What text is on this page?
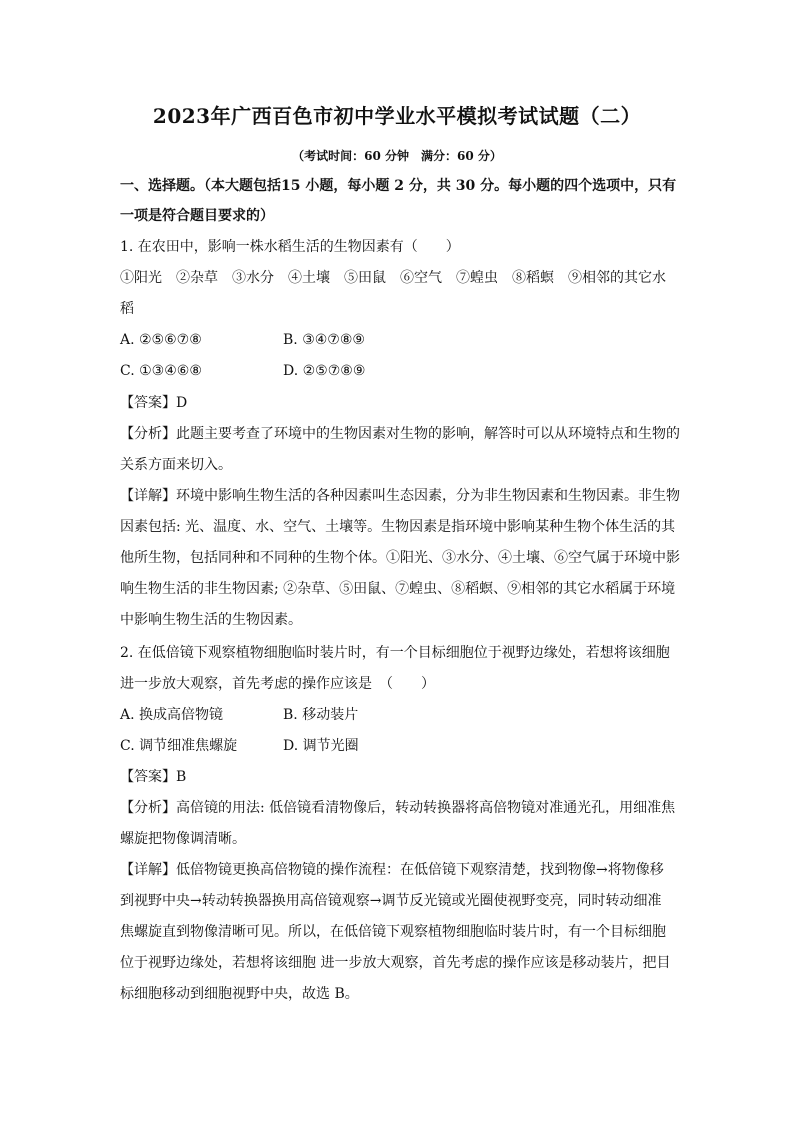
2023年广西百色市初中学业水平模拟考试试题（二）
（考试时间：60 分钟　满分：60 分）
一、选择题。（本大题包括15 小题，每小题 2 分，共 30 分。每小题的四个选项中，只有
一项是符合题目要求的）
1. 在农田中，影响一株水稻生活的生物因素有（　　）
①阳光　②杂草　③水分　④土壤　⑤田鼠　⑥空气　⑦蝗虫　⑧稻螟　⑨相邻的其它水
稻
A. ②⑤⑥⑦⑧	B. ③④⑦⑧⑨
C. ①③④⑥⑧	D. ②⑤⑦⑧⑨
【答案】D
【分析】此题主要考查了环境中的生物因素对生物的影响，解答时可以从环境特点和生物的
关系方面来切入。
【详解】环境中影响生物生活的各种因素叫生态因素，分为非生物因素和生物因素。非生物
因素包括: 光、温度、水、空气、土壤等。生物因素是指环境中影响某种生物个体生活的其
他所生物，包括同种和不同种的生物个体。①阳光、③水分、④土壤、⑥空气属于环境中影
响生物生活的非生物因素; ②杂草、⑤田鼠、⑦蝗虫、⑧稻螟、⑨相邻的其它水稻属于环境
中影响生物生活的生物因素。
2. 在低倍镜下观察植物细胞临时装片时，有一个目标细胞位于视野边缘处，若想将该细胞
进一步放大观察，首先考虑的操作应该是　（　　）
A. 换成高倍物镜	B. 移动装片
C. 调节细准焦螺旋	D. 调节光圈
【答案】B
【分析】高倍镜的用法: 低倍镜看清物像后，转动转换器将高倍物镜对准通光孔，用细准焦
螺旋把物像调清晰。
【详解】低倍物镜更换高倍物镜的操作流程：在低倍镜下观察清楚，找到物像→将物像移
到视野中央→转动转换器换用高倍镜观察→调节反光镜或光圈使视野变亮，同时转动细准
焦螺旋直到物像清晰可见。所以，在低倍镜下观察植物细胞临时装片时，有一个目标细胞
位于视野边缘处，若想将该细胞 进一步放大观察，首先考虑的操作应该是移动装片，把目
标细胞移动到细胞视野中央，故选 B。
